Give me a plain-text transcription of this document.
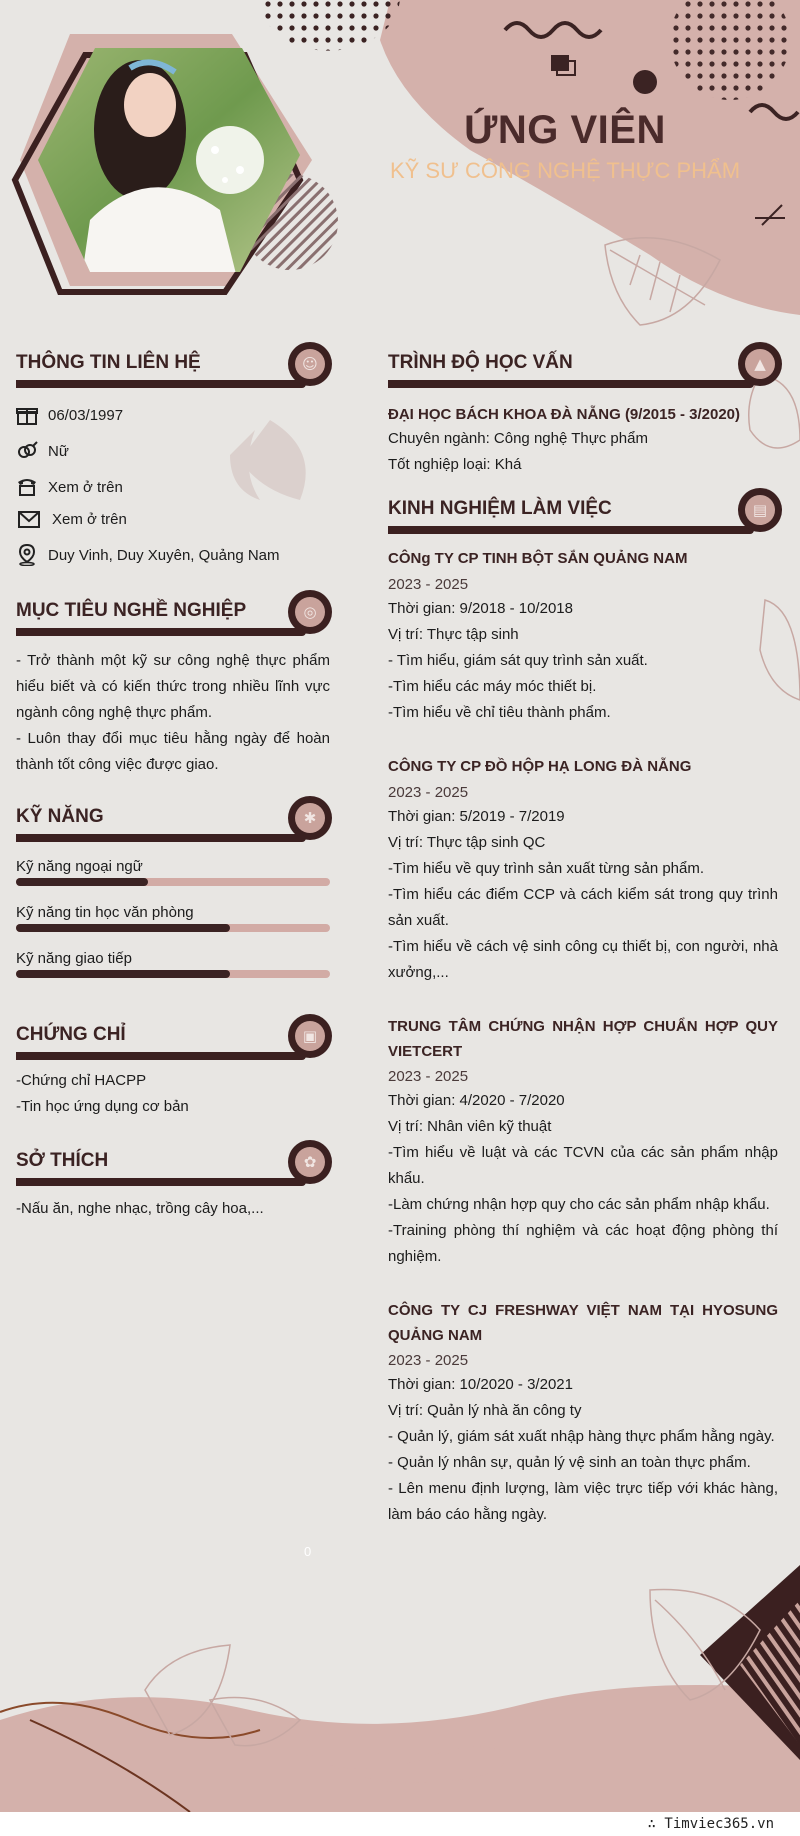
ỨNG VIÊN
KỸ SƯ CÔNG NGHỆ THỰC PHẨM
THÔNG TIN LIÊN HỆ	☺
06/03/1997
Nữ
Xem ở trên
Xem ở trên
Duy Vinh, Duy Xuyên, Quảng Nam
MỤC TIÊU NGHỀ NGHIỆP	◎
- Trở thành một kỹ sư công nghệ thực phẩm hiểu biết và có kiến thức trong nhiều lĩnh vực ngành công nghệ thực phẩm.
- Luôn thay đổi mục tiêu hằng ngày để hoàn thành tốt công việc được giao.
KỸ NĂNG	✱
Kỹ năng ngoại ngữ
Kỹ năng tin học văn phòng
Kỹ năng giao tiếp
CHỨNG CHỈ	▣
-Chứng chỉ HACPP
-Tin học ứng dụng cơ bản
SỞ THÍCH	✿
-Nấu ăn, nghe nhạc, trồng cây hoa,...
TRÌNH ĐỘ HỌC VẤN	▲
ĐẠI HỌC BÁCH KHOA ĐÀ NẴNG (9/2015 - 3/2020)
Chuyên ngành: Công nghệ Thực phẩm
Tốt nghiệp loại: Khá
KINH NGHIỆM LÀM VIỆC	▤
CÔNg TY CP TINH BỘT SẮN QUẢNG NAM
2023 - 2025
Thời gian: 9/2018 - 10/2018
Vị trí: Thực tập sinh
- Tìm hiểu, giám sát quy trình sản xuất.
-Tìm hiểu các máy móc thiết bị.
-Tìm hiểu về chỉ tiêu thành phẩm.
CÔNG TY CP ĐỒ HỘP HẠ LONG ĐÀ NẴNG
2023 - 2025
Thời gian: 5/2019 - 7/2019
Vị trí: Thực tập sinh QC
-Tìm hiểu về quy trình sản xuất từng sản phẩm.
-Tìm hiểu các điểm CCP và cách kiểm sát trong quy trình sản xuất.
-Tìm hiểu về cách vệ sinh công cụ thiết bị, con người, nhà xưởng,...
TRUNG TÂM CHỨNG NHẬN HỢP CHUẨN HỢP QUY VIETCERT
2023 - 2025
Thời gian: 4/2020 - 7/2020
Vị trí: Nhân viên kỹ thuật
-Tìm hiểu về luật và các TCVN của các sản phẩm nhập khẩu.
-Làm chứng nhận hợp quy cho các sản phẩm nhập khẩu.
-Training phòng thí nghiệm và các hoạt động phòng thí nghiệm.
CÔNG TY CJ FRESHWAY VIỆT NAM TẠI HYOSUNG QUẢNG NAM
2023 - 2025
Thời gian: 10/2020 - 3/2021
Vị trí: Quản lý nhà ăn công ty
- Quản lý, giám sát xuất nhập hàng thực phẩm hằng ngày.
- Quản lý nhân sự, quản lý vệ sinh an toàn thực phẩm.
- Lên menu định lượng, làm việc trực tiếp với khác hàng, làm báo cáo hằng ngày.
0
∴ Timviec365.vn
